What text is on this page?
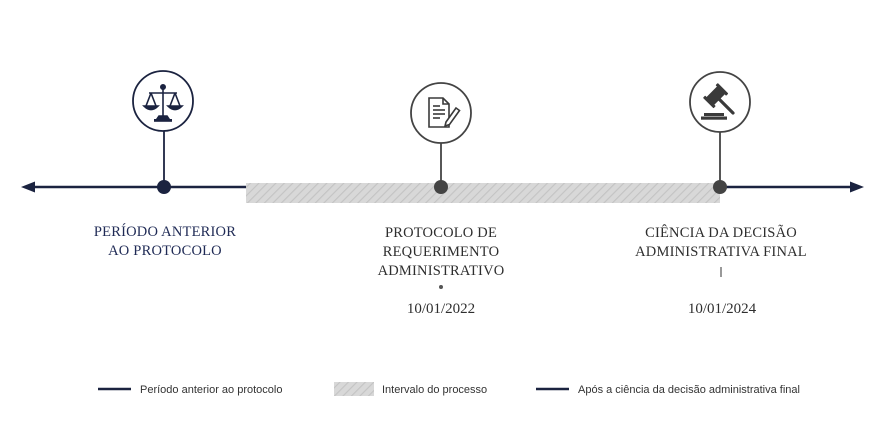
PERÍODO ANTERIOR
AO PROTOCOLO
PROTOCOLO DE
REQUERIMENTO
ADMINISTRATIVO
10/01/2022
CIÊNCIA DA DECISÃO
ADMINISTRATIVA FINAL
10/01/2024
Período anterior ao protocolo	Intervalo do processo	Após a ciência da decisão administrativa final
